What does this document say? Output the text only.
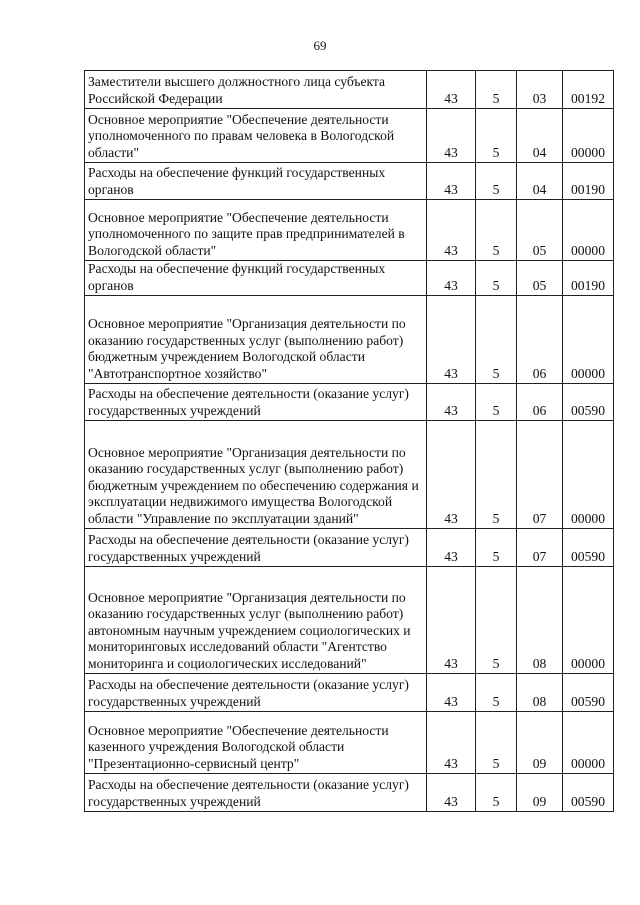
69
Заместители высшего должностного лица субъекта Российской Федерации	43	5	03	00192
Основное мероприятие "Обеспечение деятельности уполномоченного по правам человека в Вологодской области"	43	5	04	00000
Расходы на обеспечение функций государственных органов	43	5	04	00190
Основное мероприятие "Обеспечение деятельности уполномоченного по защите прав предпринимателей в Вологодской области"	43	5	05	00000
Расходы на обеспечение функций государственных органов	43	5	05	00190
Основное мероприятие "Организация деятельности по оказанию государственных услуг (выполнению работ) бюджетным учреждением Вологодской области "Автотранспортное хозяйство"	43	5	06	00000
Расходы на обеспечение деятельности (оказание услуг) государственных учреждений	43	5	06	00590
Основное мероприятие "Организация деятельности по оказанию государственных услуг (выполнению работ) бюджетным учреждением по обеспечению содержания и эксплуатации недвижимого имущества Вологодской области "Управление по эксплуатации зданий"	43	5	07	00000
Расходы на обеспечение деятельности (оказание услуг) государственных учреждений	43	5	07	00590
Основное мероприятие "Организация деятельности по оказанию государственных услуг (выполнению работ) автономным научным учреждением социологических и мониторинговых исследований области "Агентство мониторинга и социологических исследований"	43	5	08	00000
Расходы на обеспечение деятельности (оказание услуг) государственных учреждений	43	5	08	00590
Основное мероприятие "Обеспечение деятельности казенного учреждения Вологодской области "Презентационно-сервисный центр"	43	5	09	00000
Расходы на обеспечение деятельности (оказание услуг) государственных учреждений	43	5	09	00590
